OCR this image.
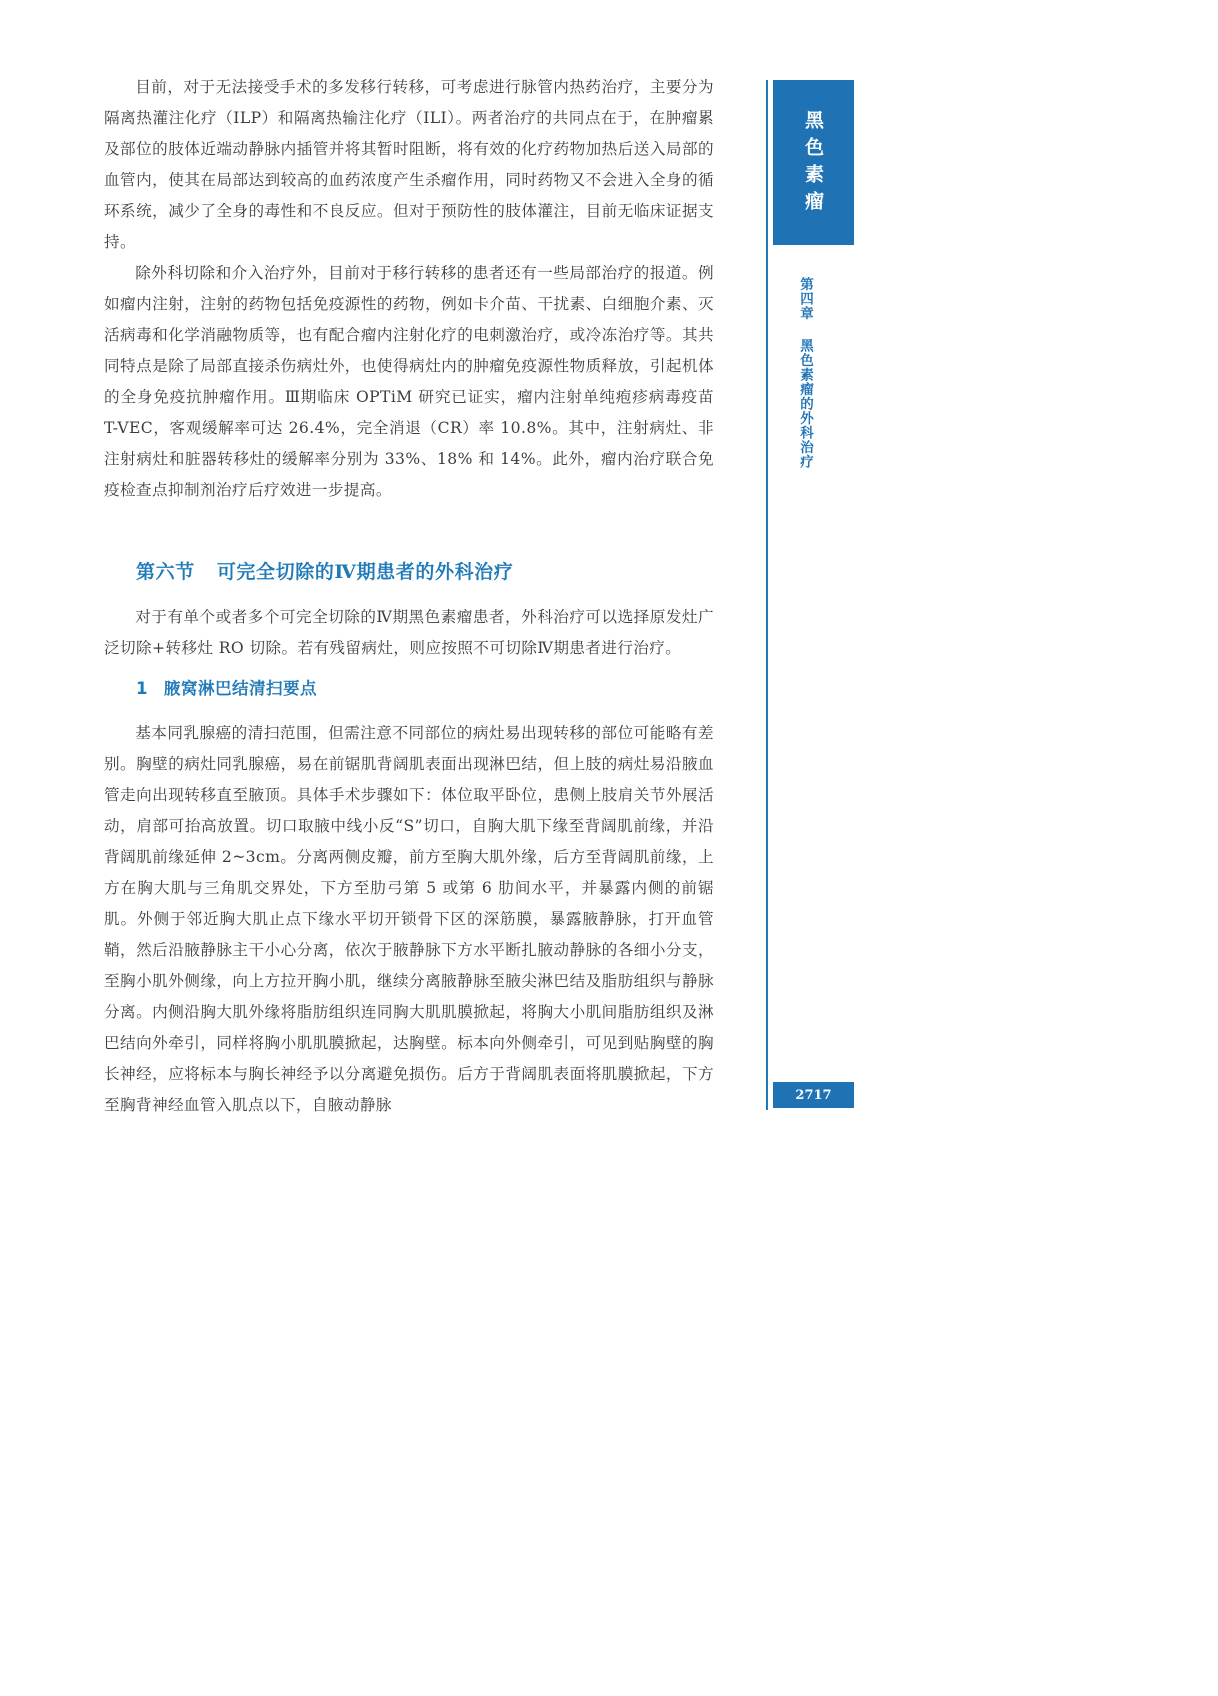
目前，对于无法接受手术的多发移行转移，可考虑进行脉管内热药治疗，主要分为隔离热灌注化疗（ILP）和隔离热输注化疗（ILI）。两者治疗的共同点在于，在肿瘤累及部位的肢体近端动静脉内插管并将其暂时阻断，将有效的化疗药物加热后送入局部的血管内，使其在局部达到较高的血药浓度产生杀瘤作用，同时药物又不会进入全身的循环系统，减少了全身的毒性和不良反应。但对于预防性的肢体灌注，目前无临床证据支持。

除外科切除和介入治疗外，目前对于移行转移的患者还有一些局部治疗的报道。例如瘤内注射，注射的药物包括免疫源性的药物，例如卡介苗、干扰素、白细胞介素、灭活病毒和化学消融物质等，也有配合瘤内注射化疗的电刺激治疗，或冷冻治疗等。其共同特点是除了局部直接杀伤病灶外，也使得病灶内的肿瘤免疫源性物质释放，引起机体的全身免疫抗肿瘤作用。Ⅲ期临床 OPTiM 研究已证实，瘤内注射单纯疱疹病毒疫苗 T-VEC，客观缓解率可达 26.4%，完全消退（CR）率 10.8%。其中，注射病灶、非注射病灶和脏器转移灶的缓解率分别为 33%、18% 和 14%。此外，瘤内治疗联合免疫检查点抑制剂治疗后疗效进一步提高。

第六节 可完全切除的Ⅳ期患者的外科治疗

对于有单个或者多个可完全切除的Ⅳ期黑色素瘤患者，外科治疗可以选择原发灶广泛切除+转移灶 RO 切除。若有残留病灶，则应按照不可切除Ⅳ期患者进行治疗。

1 腋窝淋巴结清扫要点

基本同乳腺癌的清扫范围，但需注意不同部位的病灶易出现转移的部位可能略有差别。胸壁的病灶同乳腺癌，易在前锯肌背阔肌表面出现淋巴结，但上肢的病灶易沿腋血管走向出现转移直至腋顶。具体手术步骤如下：体位取平卧位，患侧上肢肩关节外展活动，肩部可抬高放置。切口取腋中线小反“S”切口，自胸大肌下缘至背阔肌前缘，并沿背阔肌前缘延伸 2~3cm。分离两侧皮瓣，前方至胸大肌外缘，后方至背阔肌前缘，上方在胸大肌与三角肌交界处，下方至肋弓第 5 或第 6 肋间水平，并暴露内侧的前锯肌。外侧于邻近胸大肌止点下缘水平切开锁骨下区的深筋膜，暴露腋静脉，打开血管鞘，然后沿腋静脉主干小心分离，依次于腋静脉下方水平断扎腋动静脉的各细小分支，至胸小肌外侧缘，向上方拉开胸小肌，继续分离腋静脉至腋尖淋巴结及脂肪组织与静脉分离。内侧沿胸大肌外缘将脂肪组织连同胸大肌肌膜掀起，将胸大小肌间脂肪组织及淋巴结向外牵引，同样将胸小肌肌膜掀起，达胸壁。标本向外侧牵引，可见到贴胸壁的胸长神经，应将标本与胸长神经予以分离避免损伤。后方于背阔肌表面将肌膜掀起，下方至胸背神经血管入肌点以下，自腋动静脉

黑色素瘤
第四章黑色素瘤的外科治疗
2717
